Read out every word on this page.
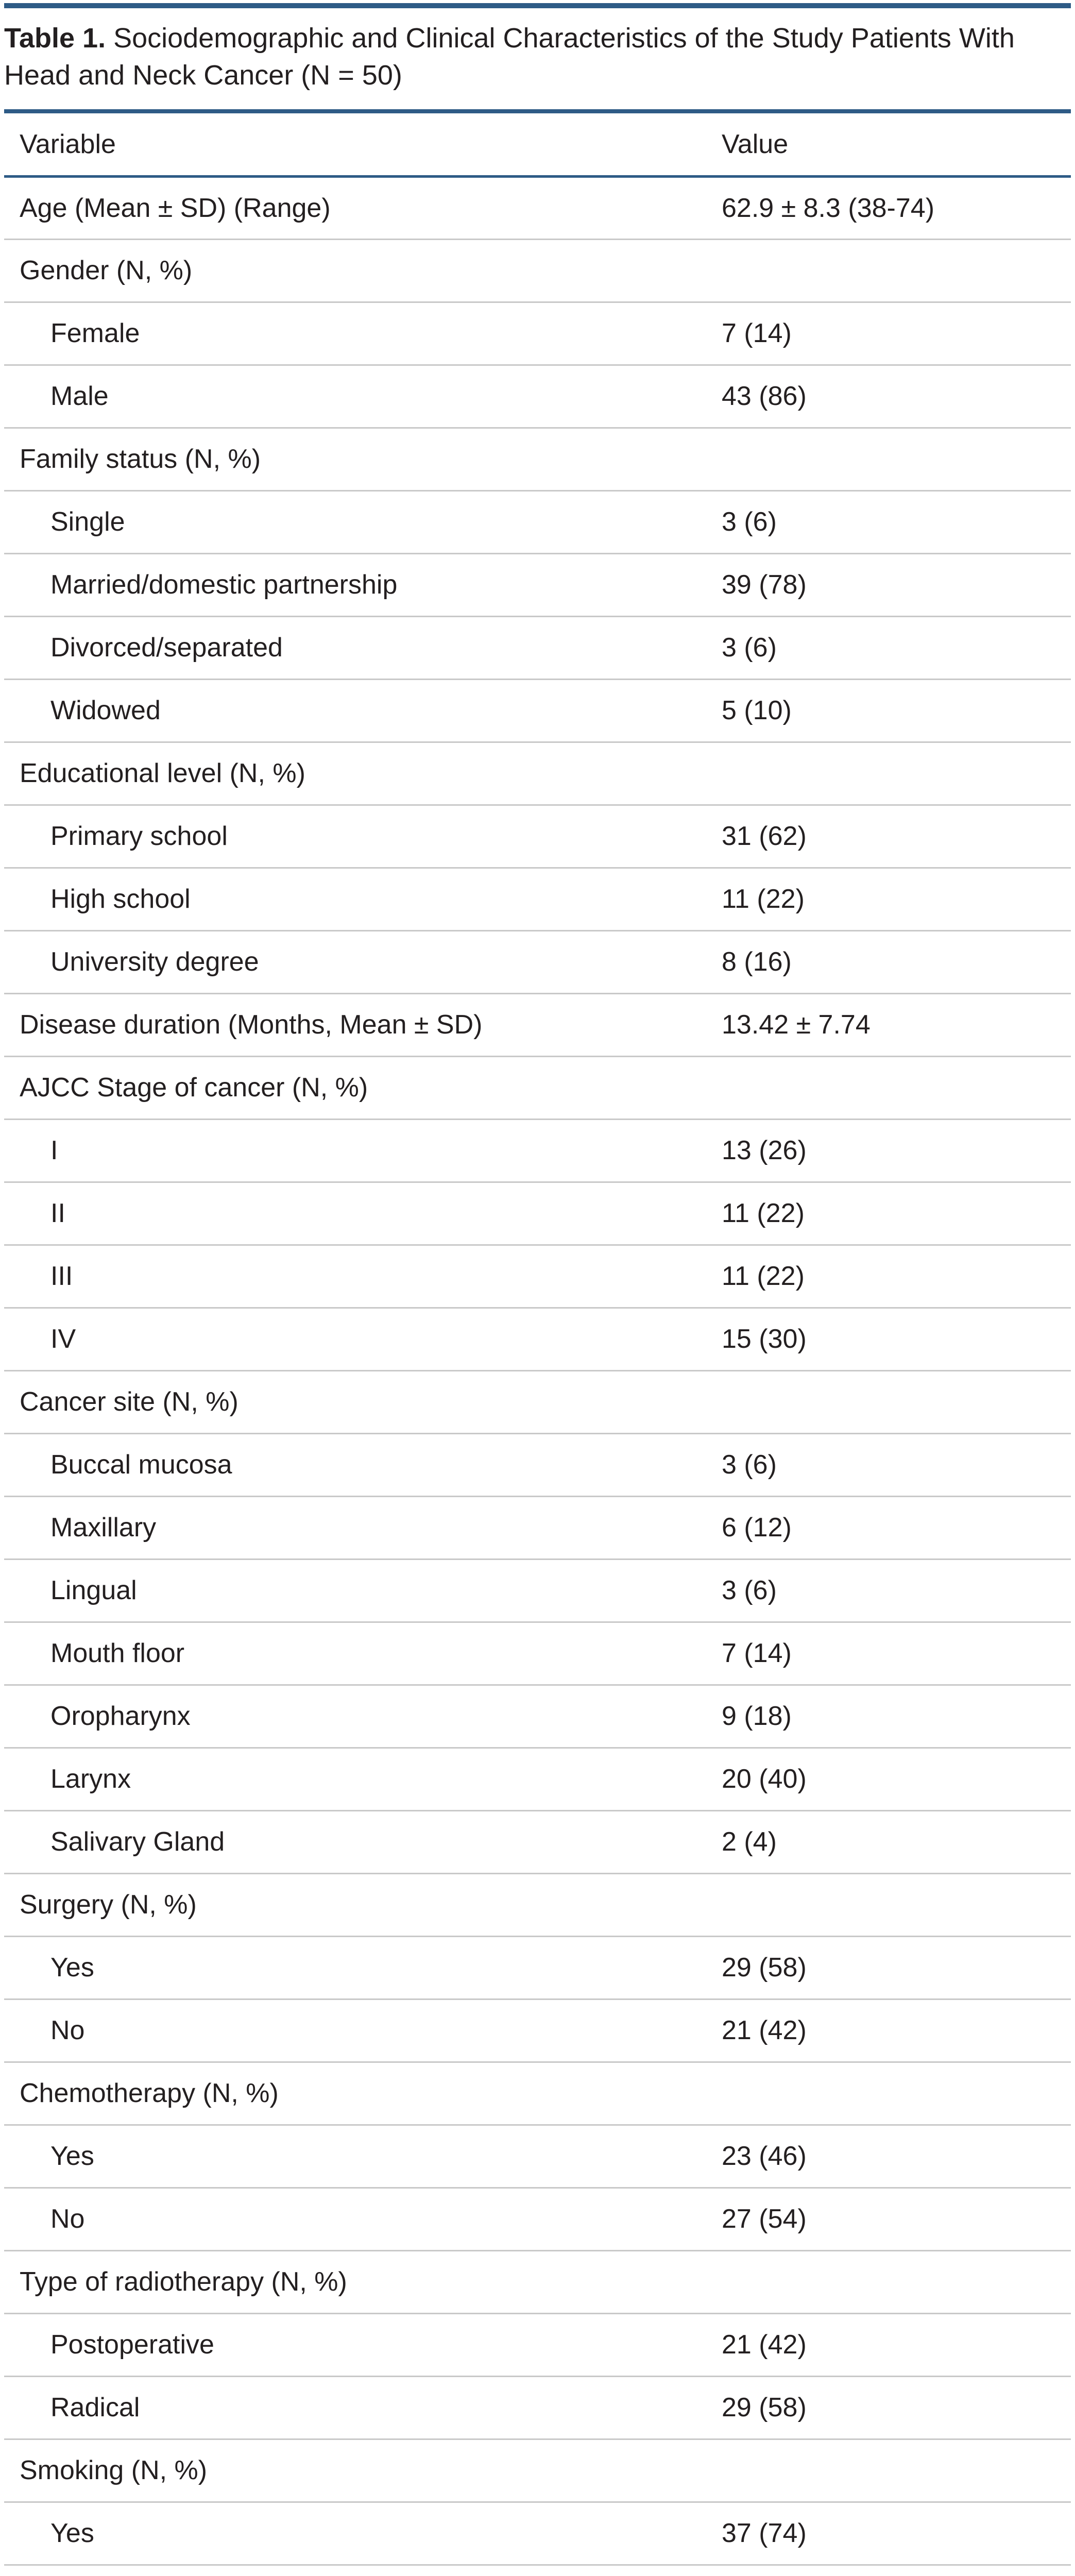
Table 1. Sociodemographic and Clinical Characteristics of the Study Patients With Head and Neck Cancer (N = 50)
Variable	Value
Age (Mean ± SD) (Range)	62.9 ± 8.3 (38-74)
Gender (N, %)	
Female	7 (14)
Male	43 (86)
Family status (N, %)	
Single	3 (6)
Married/domestic partnership	39 (78)
Divorced/separated	3 (6)
Widowed	5 (10)
Educational level (N, %)	
Primary school	31 (62)
High school	11 (22)
University degree	8 (16)
Disease duration (Months, Mean ± SD)	13.42 ± 7.74
AJCC Stage of cancer (N, %)	
I	13 (26)
II	11 (22)
III	11 (22)
IV	15 (30)
Cancer site (N, %)	
Buccal mucosa	3 (6)
Maxillary	6 (12)
Lingual	3 (6)
Mouth floor	7 (14)
Oropharynx	9 (18)
Larynx	20 (40)
Salivary Gland	2 (4)
Surgery (N, %)	
Yes	29 (58)
No	21 (42)
Chemotherapy (N, %)	
Yes	23 (46)
No	27 (54)
Type of radiotherapy (N, %)	
Postoperative	21 (42)
Radical	29 (58)
Smoking (N, %)	
Yes	37 (74)
